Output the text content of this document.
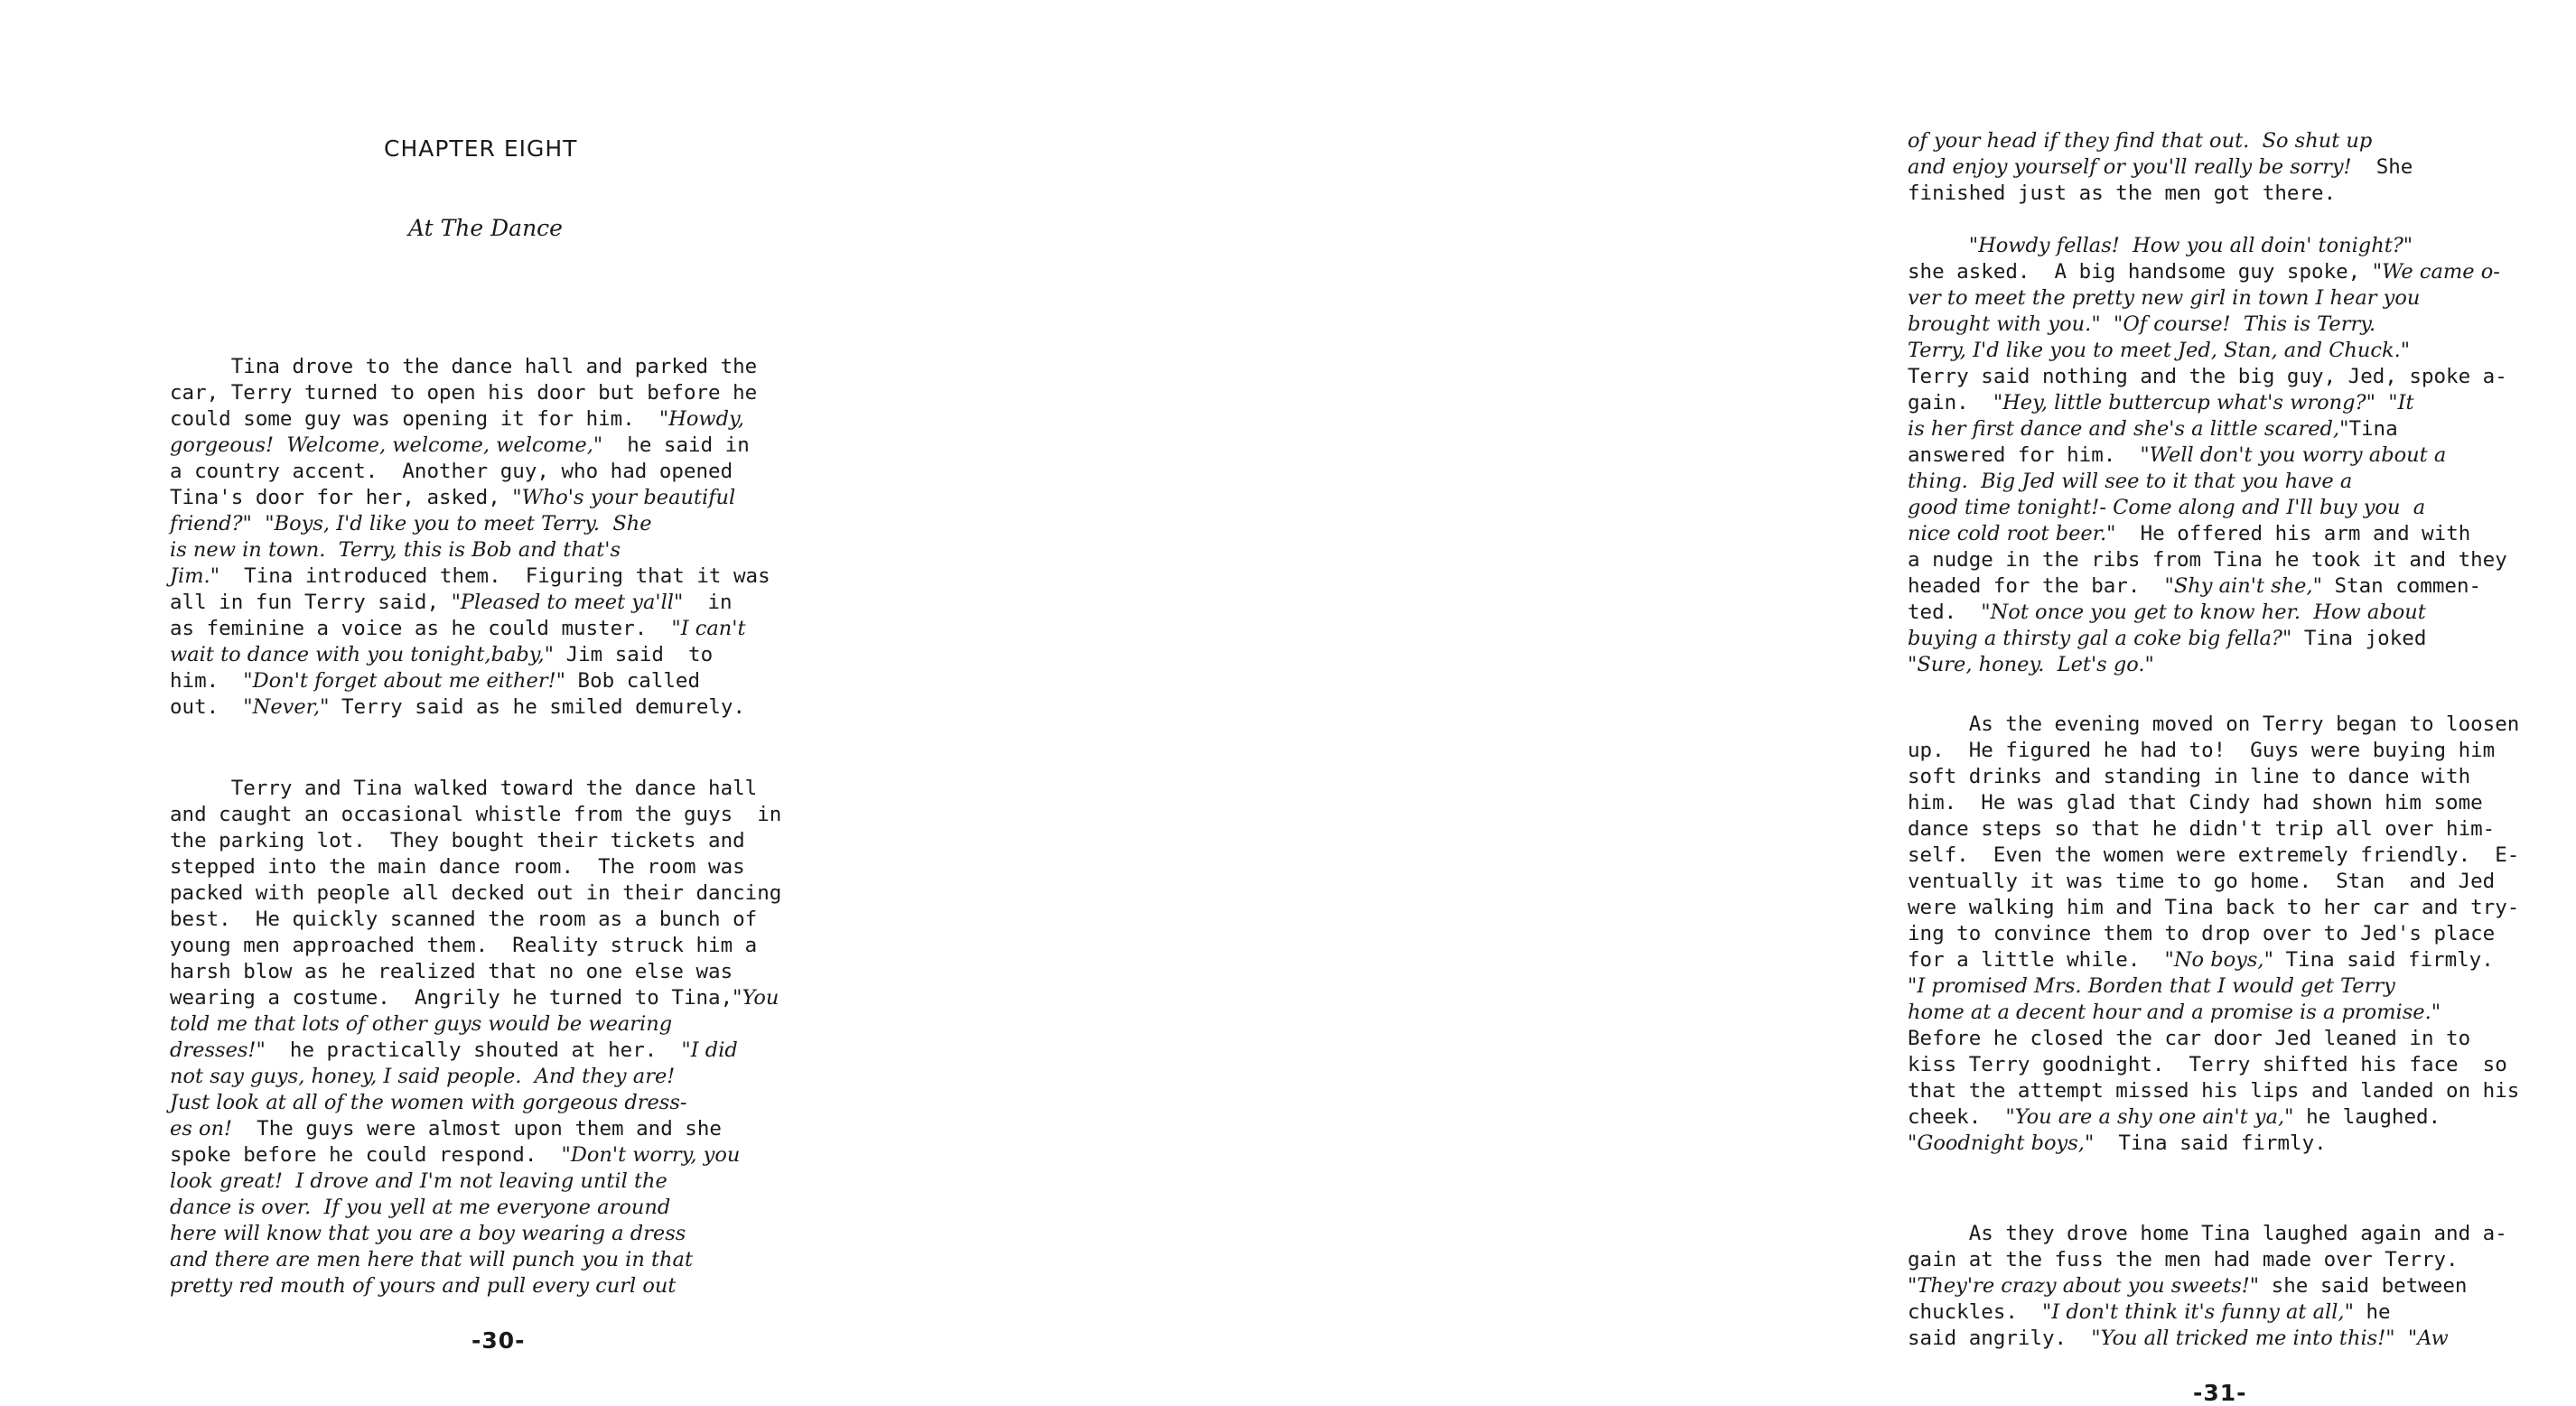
CHAPTER EIGHT
At The Dance
Tina drove to the dance hall and parked the
car, Terry turned to open his door but before he
could some guy was opening it for him.  "Howdy,
gorgeous!  Welcome, welcome, welcome,"  he said in
a country accent.  Another guy, who had opened
Tina's door for her, asked, "Who's your beautiful
friend?"  "Boys, I'd like you to meet Terry.  She
is new in town.  Terry, this is Bob and that's
Jim."  Tina introduced them.  Figuring that it was
all in fun Terry said, "Pleased to meet ya'll"  in
as feminine a voice as he could muster.  "I can't
wait to dance with you tonight,baby," Jim said  to
him.  "Don't forget about me either!" Bob called
out.  "Never," Terry said as he smiled demurely.
Terry and Tina walked toward the dance hall
and caught an occasional whistle from the guys  in
the parking lot.  They bought their tickets and
stepped into the main dance room.  The room was
packed with people all decked out in their dancing
best.  He quickly scanned the room as a bunch of
young men approached them.  Reality struck him a
harsh blow as he realized that no one else was
wearing a costume.  Angrily he turned to Tina,"You
told me that lots of other guys would be wearing
dresses!"  he practically shouted at her.  "I did
not say guys, honey, I said people.  And they are!
Just look at all of the women with gorgeous dress-
es on!  The guys were almost upon them and she
spoke before he could respond.  "Don't worry, you
look great!  I drove and I'm not leaving until the
dance is over.  If you yell at me everyone around
here will know that you are a boy wearing a dress
and there are men here that will punch you in that
pretty red mouth of yours and pull every curl out
-30-
of your head if they find that out.  So shut up
and enjoy yourself or you'll really be sorry!  She
finished just as the men got there.
"Howdy fellas!  How you all doin' tonight?"
she asked.  A big handsome guy spoke, "We came o-
ver to meet the pretty new girl in town I hear you
brought with you."  "Of course!  This is Terry.
Terry, I'd like you to meet Jed, Stan, and Chuck."
Terry said nothing and the big guy, Jed, spoke a-
gain.  "Hey, little buttercup what's wrong?"  "It
is her first dance and she's a little scared,"Tina
answered for him.  "Well don't you worry about a
thing.  Big Jed will see to it that you have a
good time tonight!- Come along and I'll buy you  a
nice cold root beer."  He offered his arm and with
a nudge in the ribs from Tina he took it and they
headed for the bar.  "Shy ain't she," Stan commen-
ted.  "Not once you get to know her.  How about
buying a thirsty gal a coke big fella?" Tina joked
"Sure, honey.  Let's go."
As the evening moved on Terry began to loosen
up.  He figured he had to!  Guys were buying him
soft drinks and standing in line to dance with
him.  He was glad that Cindy had shown him some
dance steps so that he didn't trip all over him-
self.  Even the women were extremely friendly.  E-
ventually it was time to go home.  Stan  and Jed
were walking him and Tina back to her car and try-
ing to convince them to drop over to Jed's place
for a little while.  "No boys," Tina said firmly.
"I promised Mrs. Borden that I would get Terry
home at a decent hour and a promise is a promise."
Before he closed the car door Jed leaned in to
kiss Terry goodnight.  Terry shifted his face  so
that the attempt missed his lips and landed on his
cheek.  "You are a shy one ain't ya," he laughed.
"Goodnight boys,"  Tina said firmly.
As they drove home Tina laughed again and a-
gain at the fuss the men had made over Terry.
"They're crazy about you sweets!" she said between
chuckles.  "I don't think it's funny at all," he
said angrily.  "You all tricked me into this!"  "Aw
-31-
